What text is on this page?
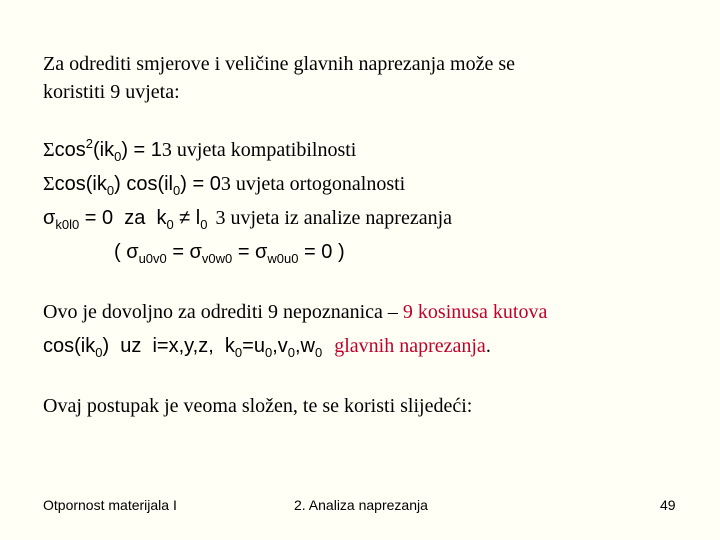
Za odrediti smjerove i veličine glavnih naprezanja može se
koristiti 9 uvjeta:
$\Sigma\cos^2(ik_0) = 13$ uvjeta kompatibilnosti
$\Sigma\cos(ik_0) \cos(il_0) = 03$ uvjeta ortogonalnosti
$\sigma_{k0l0} = 0$  za  $k_0 \ne l_0$ 3 uvjeta iz analize naprezanja
( $\sigma_{u0v0} = \sigma_{v0w0} = \sigma_{w0u0} = 0$ )
Ovo je dovoljno za odrediti 9 nepoznanica – 9 kosinusa kutova
$\cos(ik_0)$  uz  i=x,y,z,  $k_0=u_0,v_0,w_0$ glavnih naprezanja.
Ovaj postupak je veoma složen, te se koristi slijedeći:
Otpornost materijala I	2. Analiza naprezanja	49
